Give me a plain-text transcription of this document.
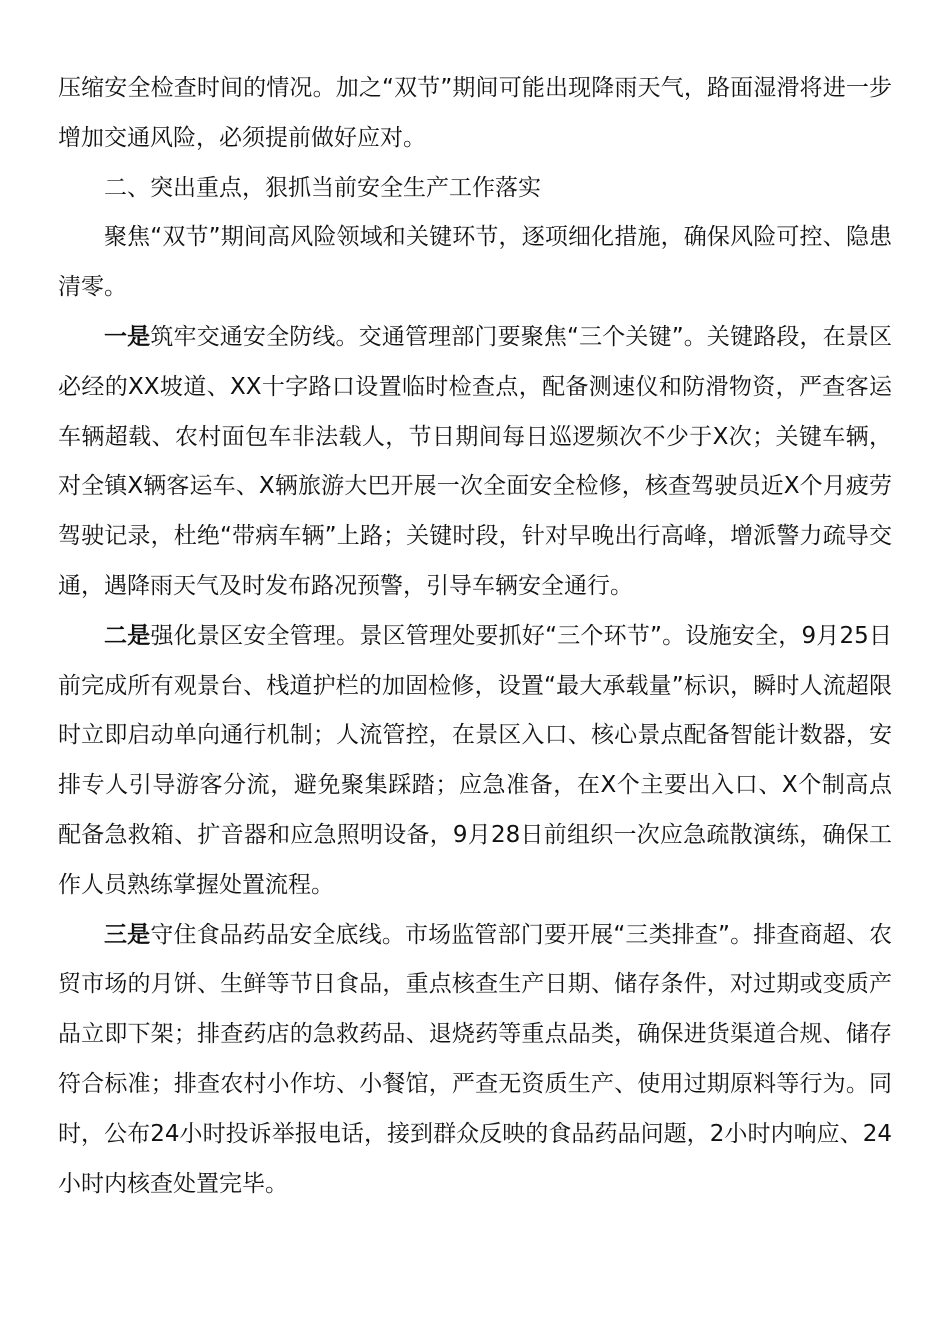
压缩安全检查时间的情况。加之“双节”期间可能出现降雨天气，路面湿滑将进一步增加交通风险，必须提前做好应对。

二、突出重点，狠抓当前安全生产工作落实

聚焦“双节”期间高风险领域和关键环节，逐项细化措施，确保风险可控、隐患清零。

一是筑牢交通安全防线。交通管理部门要聚焦“三个关键”。关键路段，在景区必经的XX坡道、XX十字路口设置临时检查点，配备测速仪和防滑物资，严查客运车辆超载、农村面包车非法载人，节日期间每日巡逻频次不少于X次；关键车辆，对全镇X辆客运车、X辆旅游大巴开展一次全面安全检修，核查驾驶员近X个月疲劳驾驶记录，杜绝“带病车辆”上路；关键时段，针对早晚出行高峰，增派警力疏导交通，遇降雨天气及时发布路况预警，引导车辆安全通行。

二是强化景区安全管理。景区管理处要抓好“三个环节”。设施安全，9月25日前完成所有观景台、栈道护栏的加固检修，设置“最大承载量”标识，瞬时人流超限时立即启动单向通行机制；人流管控，在景区入口、核心景点配备智能计数器，安排专人引导游客分流，避免聚集踩踏；应急准备，在X个主要出入口、X个制高点配备急救箱、扩音器和应急照明设备，9月28日前组织一次应急疏散演练，确保工作人员熟练掌握处置流程。

三是守住食品药品安全底线。市场监管部门要开展“三类排查”。排查商超、农贸市场的月饼、生鲜等节日食品，重点核查生产日期、储存条件，对过期或变质产品立即下架；排查药店的急救药品、退烧药等重点品类，确保进货渠道合规、储存符合标准；排查农村小作坊、小餐馆，严查无资质生产、使用过期原料等行为。同时，公布24小时投诉举报电话，接到群众反映的食品药品问题，2小时内响应、24小时内核查处置完毕。
